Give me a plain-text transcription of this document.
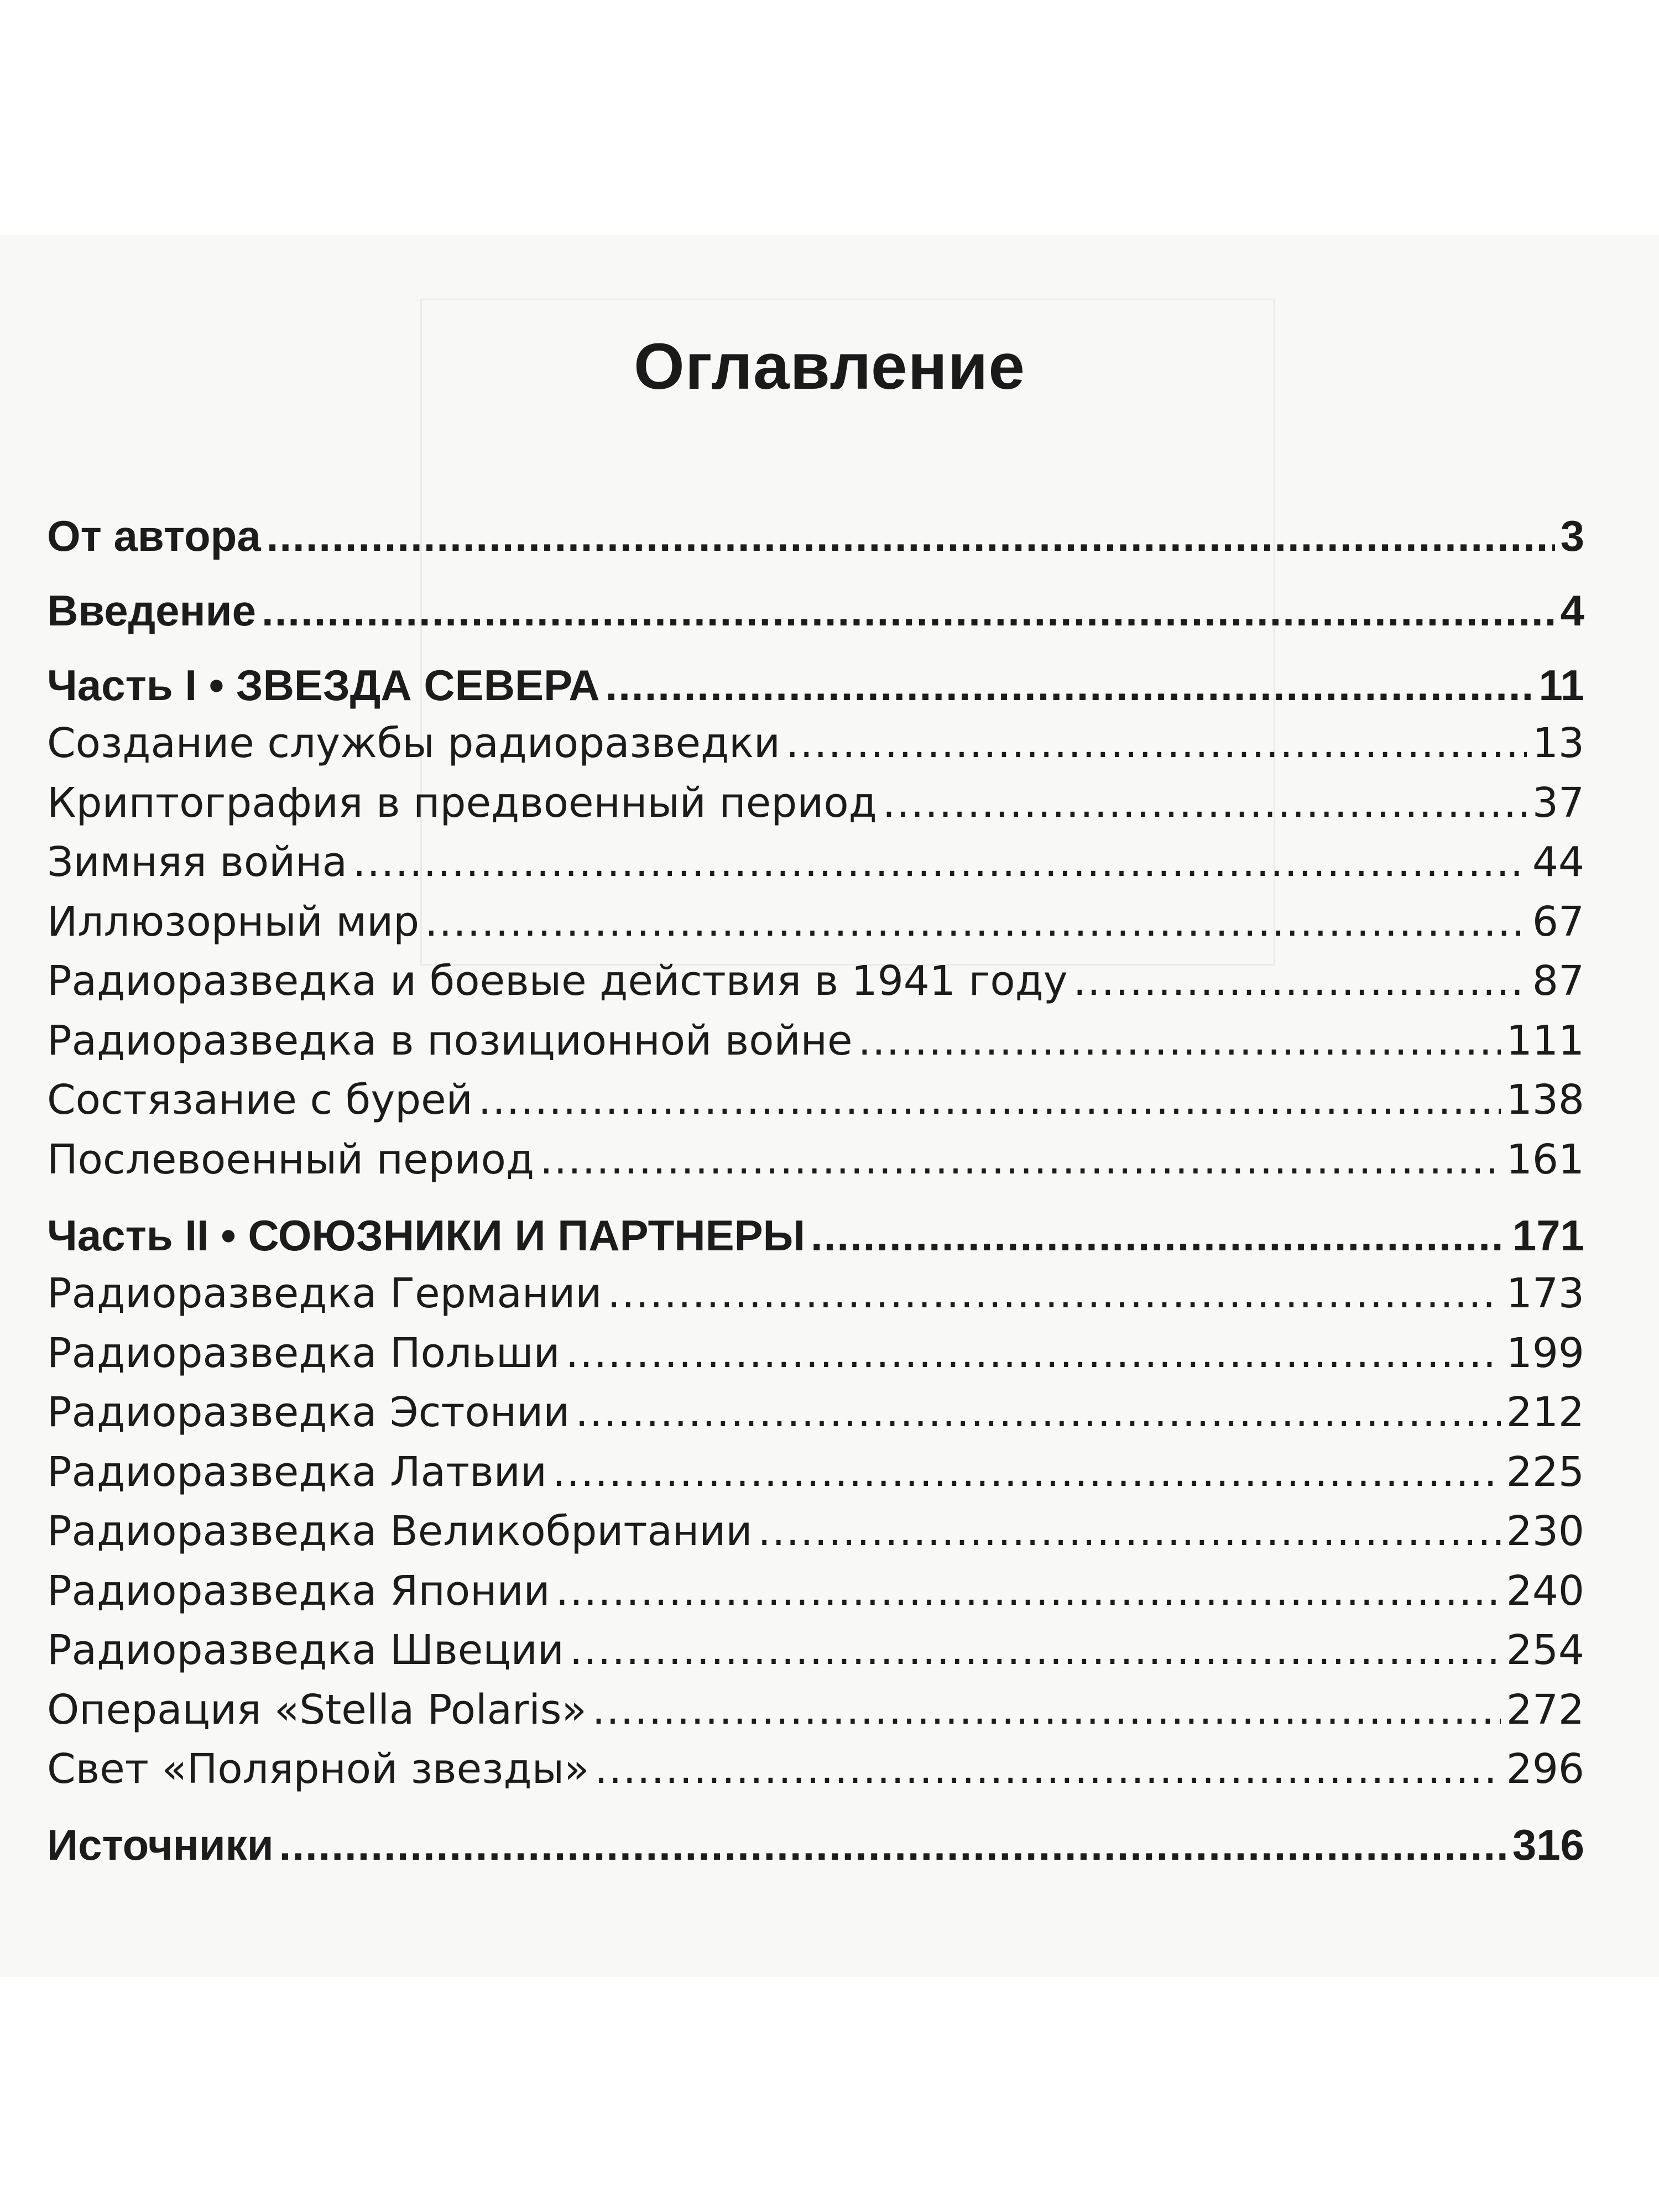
Оглавление
От автора .....	3
Введение .....	4
Часть I • ЗВЕЗДА СЕВЕРА .....	11
Создание службы радиоразведки .....	13
Криптография в предвоенный период .....	37
Зимняя война .....	44
Иллюзорный мир .....	67
Радиоразведка и боевые действия в 1941 году .....	87
Радиоразведка в позиционной войне .....	111
Состязание с бурей .....	138
Послевоенный период .....	161
Часть II • СОЮЗНИКИ И ПАРТНЕРЫ .....	171
Радиоразведка Германии .....	173
Радиоразведка Польши .....	199
Радиоразведка Эстонии .....	212
Радиоразведка Латвии .....	225
Радиоразведка Великобритании .....	230
Радиоразведка Японии .....	240
Радиоразведка Швеции .....	254
Операция «Stella Polaris» .....	272
Свет «Полярной звезды» .....	296
Источники .....	316
